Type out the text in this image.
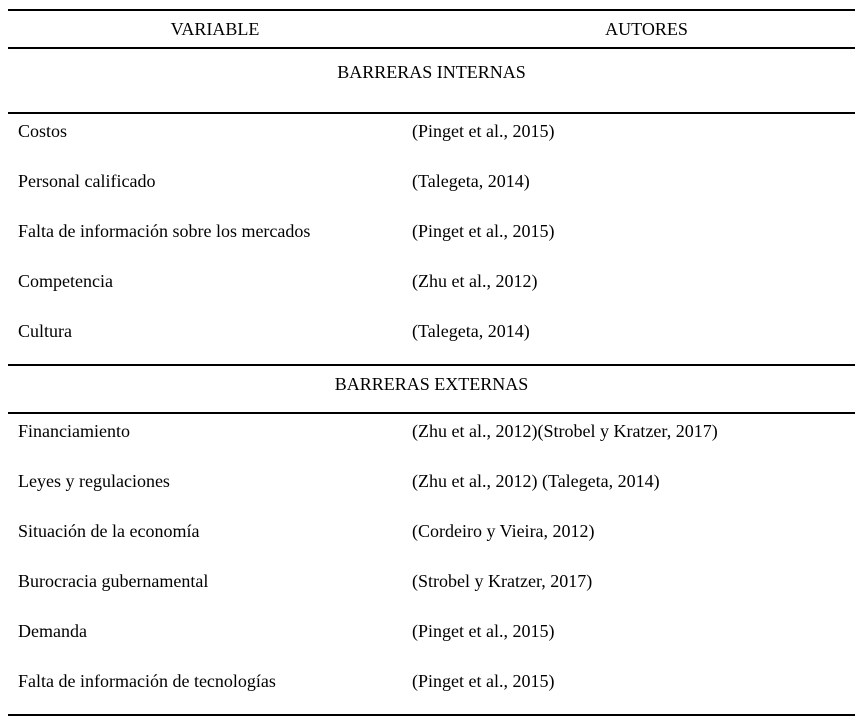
VARIABLE	AUTORES
BARRERAS INTERNAS
Costos	(Pinget et al., 2015)
Personal calificado	(Talegeta, 2014)
Falta de información sobre los mercados	(Pinget et al., 2015)
Competencia	(Zhu et al., 2012)
Cultura	(Talegeta, 2014)
BARRERAS EXTERNAS
Financiamiento	(Zhu et al., 2012)(Strobel y Kratzer, 2017)
Leyes y regulaciones	(Zhu et al., 2012) (Talegeta, 2014)
Situación de la economía	(Cordeiro y Vieira, 2012)
Burocracia gubernamental	(Strobel y Kratzer, 2017)
Demanda	(Pinget et al., 2015)
Falta de información de tecnologías	(Pinget et al., 2015)
